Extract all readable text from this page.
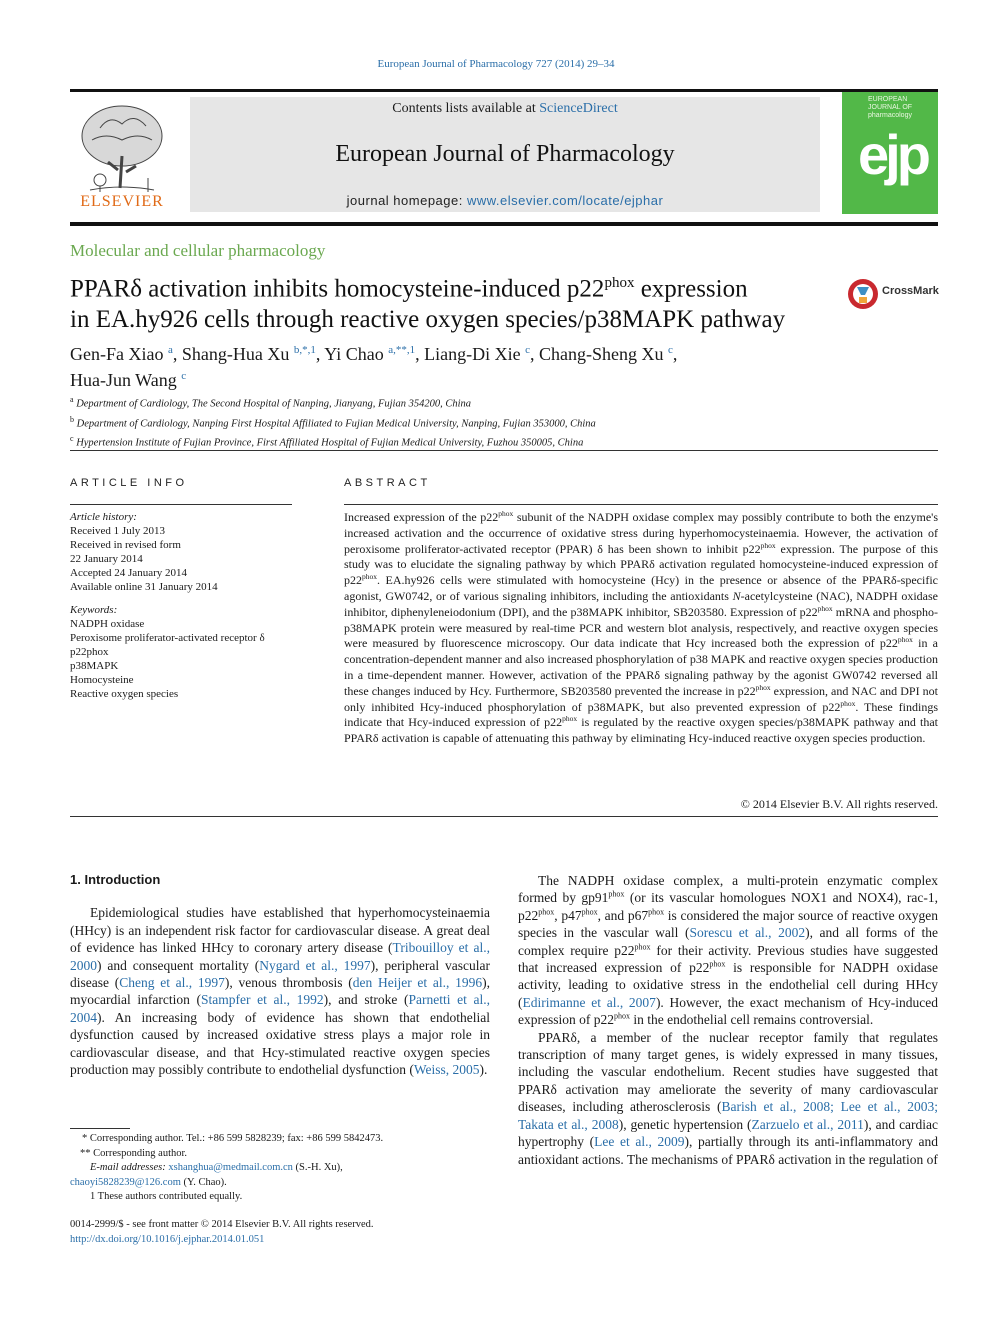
European Journal of Pharmacology 727 (2014) 29–34
ELSEVIER
Contents lists available at ScienceDirect
European Journal of Pharmacology
journal homepage: www.elsevier.com/locate/ejphar
EUROPEAN JOURNAL OF pharmacology
ejp
Molecular and cellular pharmacology
PPARδ activation inhibits homocysteine-induced $p22^{phox}$ expression
in EA.hy926 cells through reactive oxygen species/p38MAPK pathway
CrossMark
Gen-Fa Xiao $^a$, Shang-Hua Xu $^{b,*,1}$, Yi Chao $^{a,**,1}$, Liang-Di Xie $^c$, Chang-Sheng Xu $^c$,
Hua-Jun Wang $^c$
$^a$ Department of Cardiology, The Second Hospital of Nanping, Jianyang, Fujian 354200, China
$^b$ Department of Cardiology, Nanping First Hospital Affiliated to Fujian Medical University, Nanping, Fujian 353000, China
$^c$ Hypertension Institute of Fujian Province, First Affiliated Hospital of Fujian Medical University, Fuzhou 350005, China
ARTICLE INFO	ABSTRACT
Article history:
Received 1 July 2013
Received in revised form
22 January 2014
Accepted 24 January 2014
Available online 31 January 2014
Keywords:
NADPH oxidase
Peroxisome proliferator-activated receptor δ
p22phox
p38MAPK
Homocysteine
Reactive oxygen species
Increased expression of the $p22^{phox}$ subunit of the NADPH oxidase complex may possibly contribute to both the enzyme's increased activation and the occurrence of oxidative stress during hyperhomocysteinaemia. However, the activation of peroxisome proliferator-activated receptor (PPAR) δ has been shown to inhibit $p22^{phox}$ expression. The purpose of this study was to elucidate the signaling pathway by which PPARδ activation regulated homocysteine-induced expression of $p22^{phox}$. EA.hy926 cells were stimulated with homocysteine (Hcy) in the presence or absence of the PPARδ-specific agonist, GW0742, or of various signaling inhibitors, including the antioxidants N-acetylcysteine (NAC), NADPH oxidase inhibitor, diphenyleneiodonium (DPI), and the p38MAPK inhibitor, SB203580. Expression of $p22^{phox}$ mRNA and phospho-p38MAPK protein were measured by real-time PCR and western blot analysis, respectively, and reactive oxygen species were measured by fluorescence microscopy. Our data indicate that Hcy increased both the expression of $p22^{phox}$ in a concentration-dependent manner and also increased phosphorylation of p38 MAPK and reactive oxygen species production in a time-dependent manner. However, activation of the PPARδ signaling pathway by the agonist GW0742 reversed all these changes induced by Hcy. Furthermore, SB203580 prevented the increase in $p22^{phox}$ expression, and NAC and DPI not only inhibited Hcy-induced phosphorylation of p38MAPK, but also prevented expression of $p22^{phox}$. These findings indicate that Hcy-induced expression of $p22^{phox}$ is regulated by the reactive oxygen species/p38MAPK pathway and that PPARδ activation is capable of attenuating this pathway by eliminating Hcy-induced reactive oxygen species production.
© 2014 Elsevier B.V. All rights reserved.

1. Introduction

Epidemiological studies have established that hyperhomocysteinaemia (HHcy) is an independent risk factor for cardiovascular disease. A great deal of evidence has linked HHcy to coronary artery disease (Tribouilloy et al., 2000) and consequent mortality (Nygard et al., 1997), peripheral vascular disease (Cheng et al., 1997), venous thrombosis (den Heijer et al., 1996), myocardial infarction (Stampfer et al., 1992), and stroke (Parnetti et al., 2004). An increasing body of evidence has shown that endothelial dysfunction caused by increased oxidative stress plays a major role in cardiovascular disease, and that Hcy-stimulated reactive oxygen species production may possibly contribute to endothelial dysfunction (Weiss, 2005).

* Corresponding author. Tel.: +86 599 5828239; fax: +86 599 5842473.
** Corresponding author.
E-mail addresses: xshanghua@medmail.com.cn (S.-H. Xu),
chaoyi5828239@126.com (Y. Chao).
1 These authors contributed equally.
0014-2999/$ - see front matter © 2014 Elsevier B.V. All rights reserved.
http://dx.doi.org/10.1016/j.ejphar.2014.01.051

The NADPH oxidase complex, a multi-protein enzymatic complex formed by $gp91^{phox}$ (or its vascular homologues NOX1 and NOX4), rac-1, $p22^{phox}$, $p47^{phox}$, and $p67^{phox}$ is considered the major source of reactive oxygen species in the vascular wall (Sorescu et al., 2002), and all forms of the complex require $p22^{phox}$ for their activity. Previous studies have suggested that increased expression of $p22^{phox}$ is responsible for NADPH oxidase activity, leading to oxidative stress in the endothelial cell during HHcy (Edirimanne et al., 2007). However, the exact mechanism of Hcy-induced expression of $p22^{phox}$ in the endothelial cell remains controversial.

PPARδ, a member of the nuclear receptor family that regulates transcription of many target genes, is widely expressed in many tissues, including the vascular endothelium. Recent studies have suggested that PPARδ activation may ameliorate the severity of many cardiovascular diseases, including atherosclerosis (Barish et al., 2008; Lee et al., 2003; Takata et al., 2008), genetic hypertension (Zarzuelo et al., 2011), and cardiac hypertrophy (Lee et al., 2009), partially through its anti-inflammatory and antioxidant actions. The mechanisms of PPARδ activation in the regulation of
